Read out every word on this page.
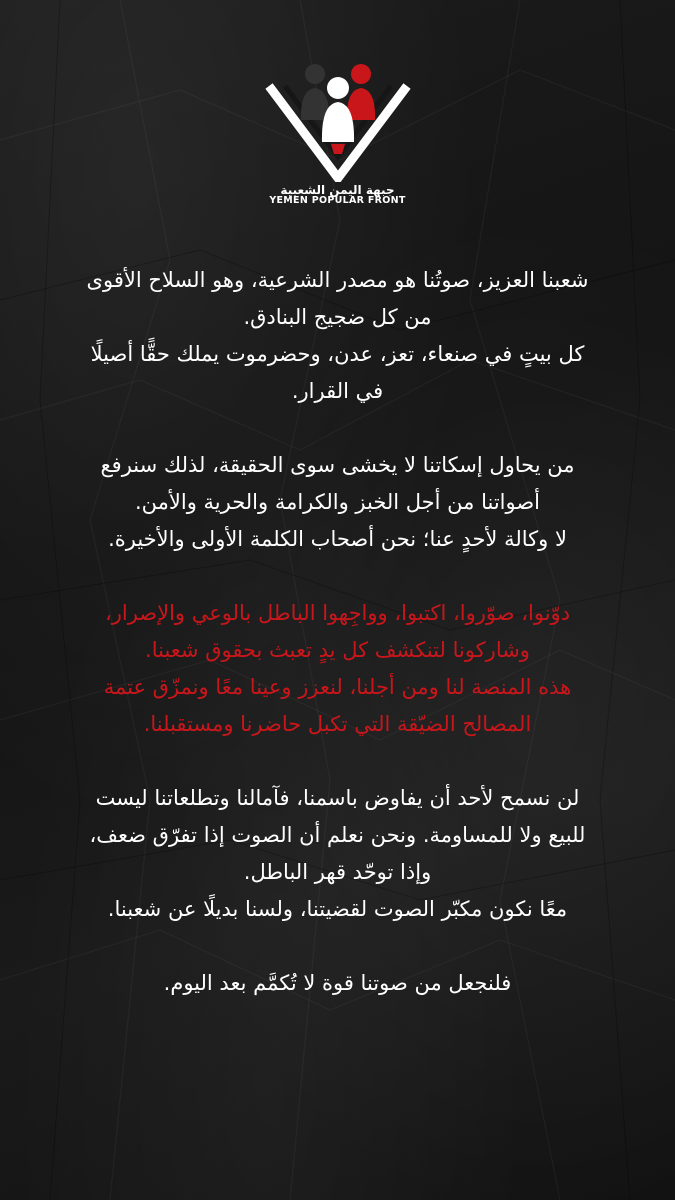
جبهة اليمن الشعبية
YEMEN POPULAR FRONT

شعبنا العزيز، صوتُنا هو مصدر الشرعية، وهو السلاح الأقوى
من كل ضجيج البنادق.
كل بيتٍ في صنعاء، تعز، عدن، وحضرموت يملك حقًّا أصيلًا
في القرار.

من يحاول إسكاتنا لا يخشى سوى الحقيقة، لذلك سنرفع
أصواتنا من أجل الخبز والكرامة والحرية والأمن.
لا وكالة لأحدٍ عنا؛ نحن أصحاب الكلمة الأولى والأخيرة.

دوّنوا، صوّروا، اكتبوا، وواجِهوا الباطل بالوعي والإصرار،
وشاركونا لتنكشف كل يدٍ تعبث بحقوق شعبنا.
هذه المنصة لنا ومن أجلنا، لنعزز وعينا معًا ونمزّق عتمة
المصالح الضيّقة التي تكبل حاضرنا ومستقبلنا.

لن نسمح لأحد أن يفاوض باسمنا، فآمالنا وتطلعاتنا ليست
للبيع ولا للمساومة. ونحن نعلم أن الصوت إذا تفرّق ضعف،
وإذا توحّد قهر الباطل.
معًا نكون مكبّر الصوت لقضيتنا، ولسنا بديلًا عن شعبنا.

فلنجعل من صوتنا قوة لا تُكمَّم بعد اليوم.
